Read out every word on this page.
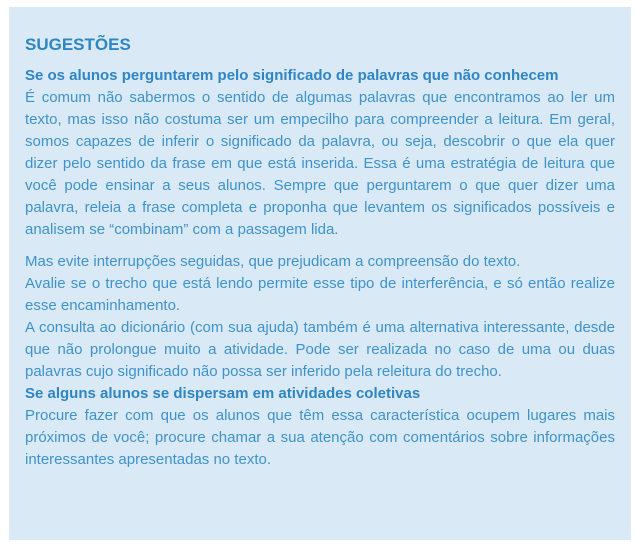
SUGESTÕES
Se os alunos perguntarem pelo significado de palavras que não conhecem

É comum não sabermos o sentido de algumas palavras que encontramos ao ler um texto, mas isso não costuma ser um empecilho para compreender a leitura. Em geral, somos capazes de inferir o significado da palavra, ou seja, descobrir o que ela quer dizer pelo sentido da frase em que está inserida. Essa é uma estratégia de leitura que você pode ensinar a seus alunos. Sempre que perguntarem o que quer dizer uma palavra, releia a frase completa e proponha que levantem os significados possíveis e analisem se “combinam” com a passagem lida.

Mas evite interrupções seguidas, que prejudicam a compreensão do texto.

Avalie se o trecho que está lendo permite esse tipo de interferência, e só então realize esse encaminhamento.

A consulta ao dicionário (com sua ajuda) também é uma alternativa interessante, desde que não prolongue muito a atividade. Pode ser realizada no caso de uma ou duas palavras cujo significado não possa ser inferido pela releitura do trecho.

Se alguns alunos se dispersam em atividades coletivas

Procure fazer com que os alunos que têm essa característica ocupem lugares mais próximos de você; procure chamar a sua atenção com comentários sobre informações interessantes apresentadas no texto.
